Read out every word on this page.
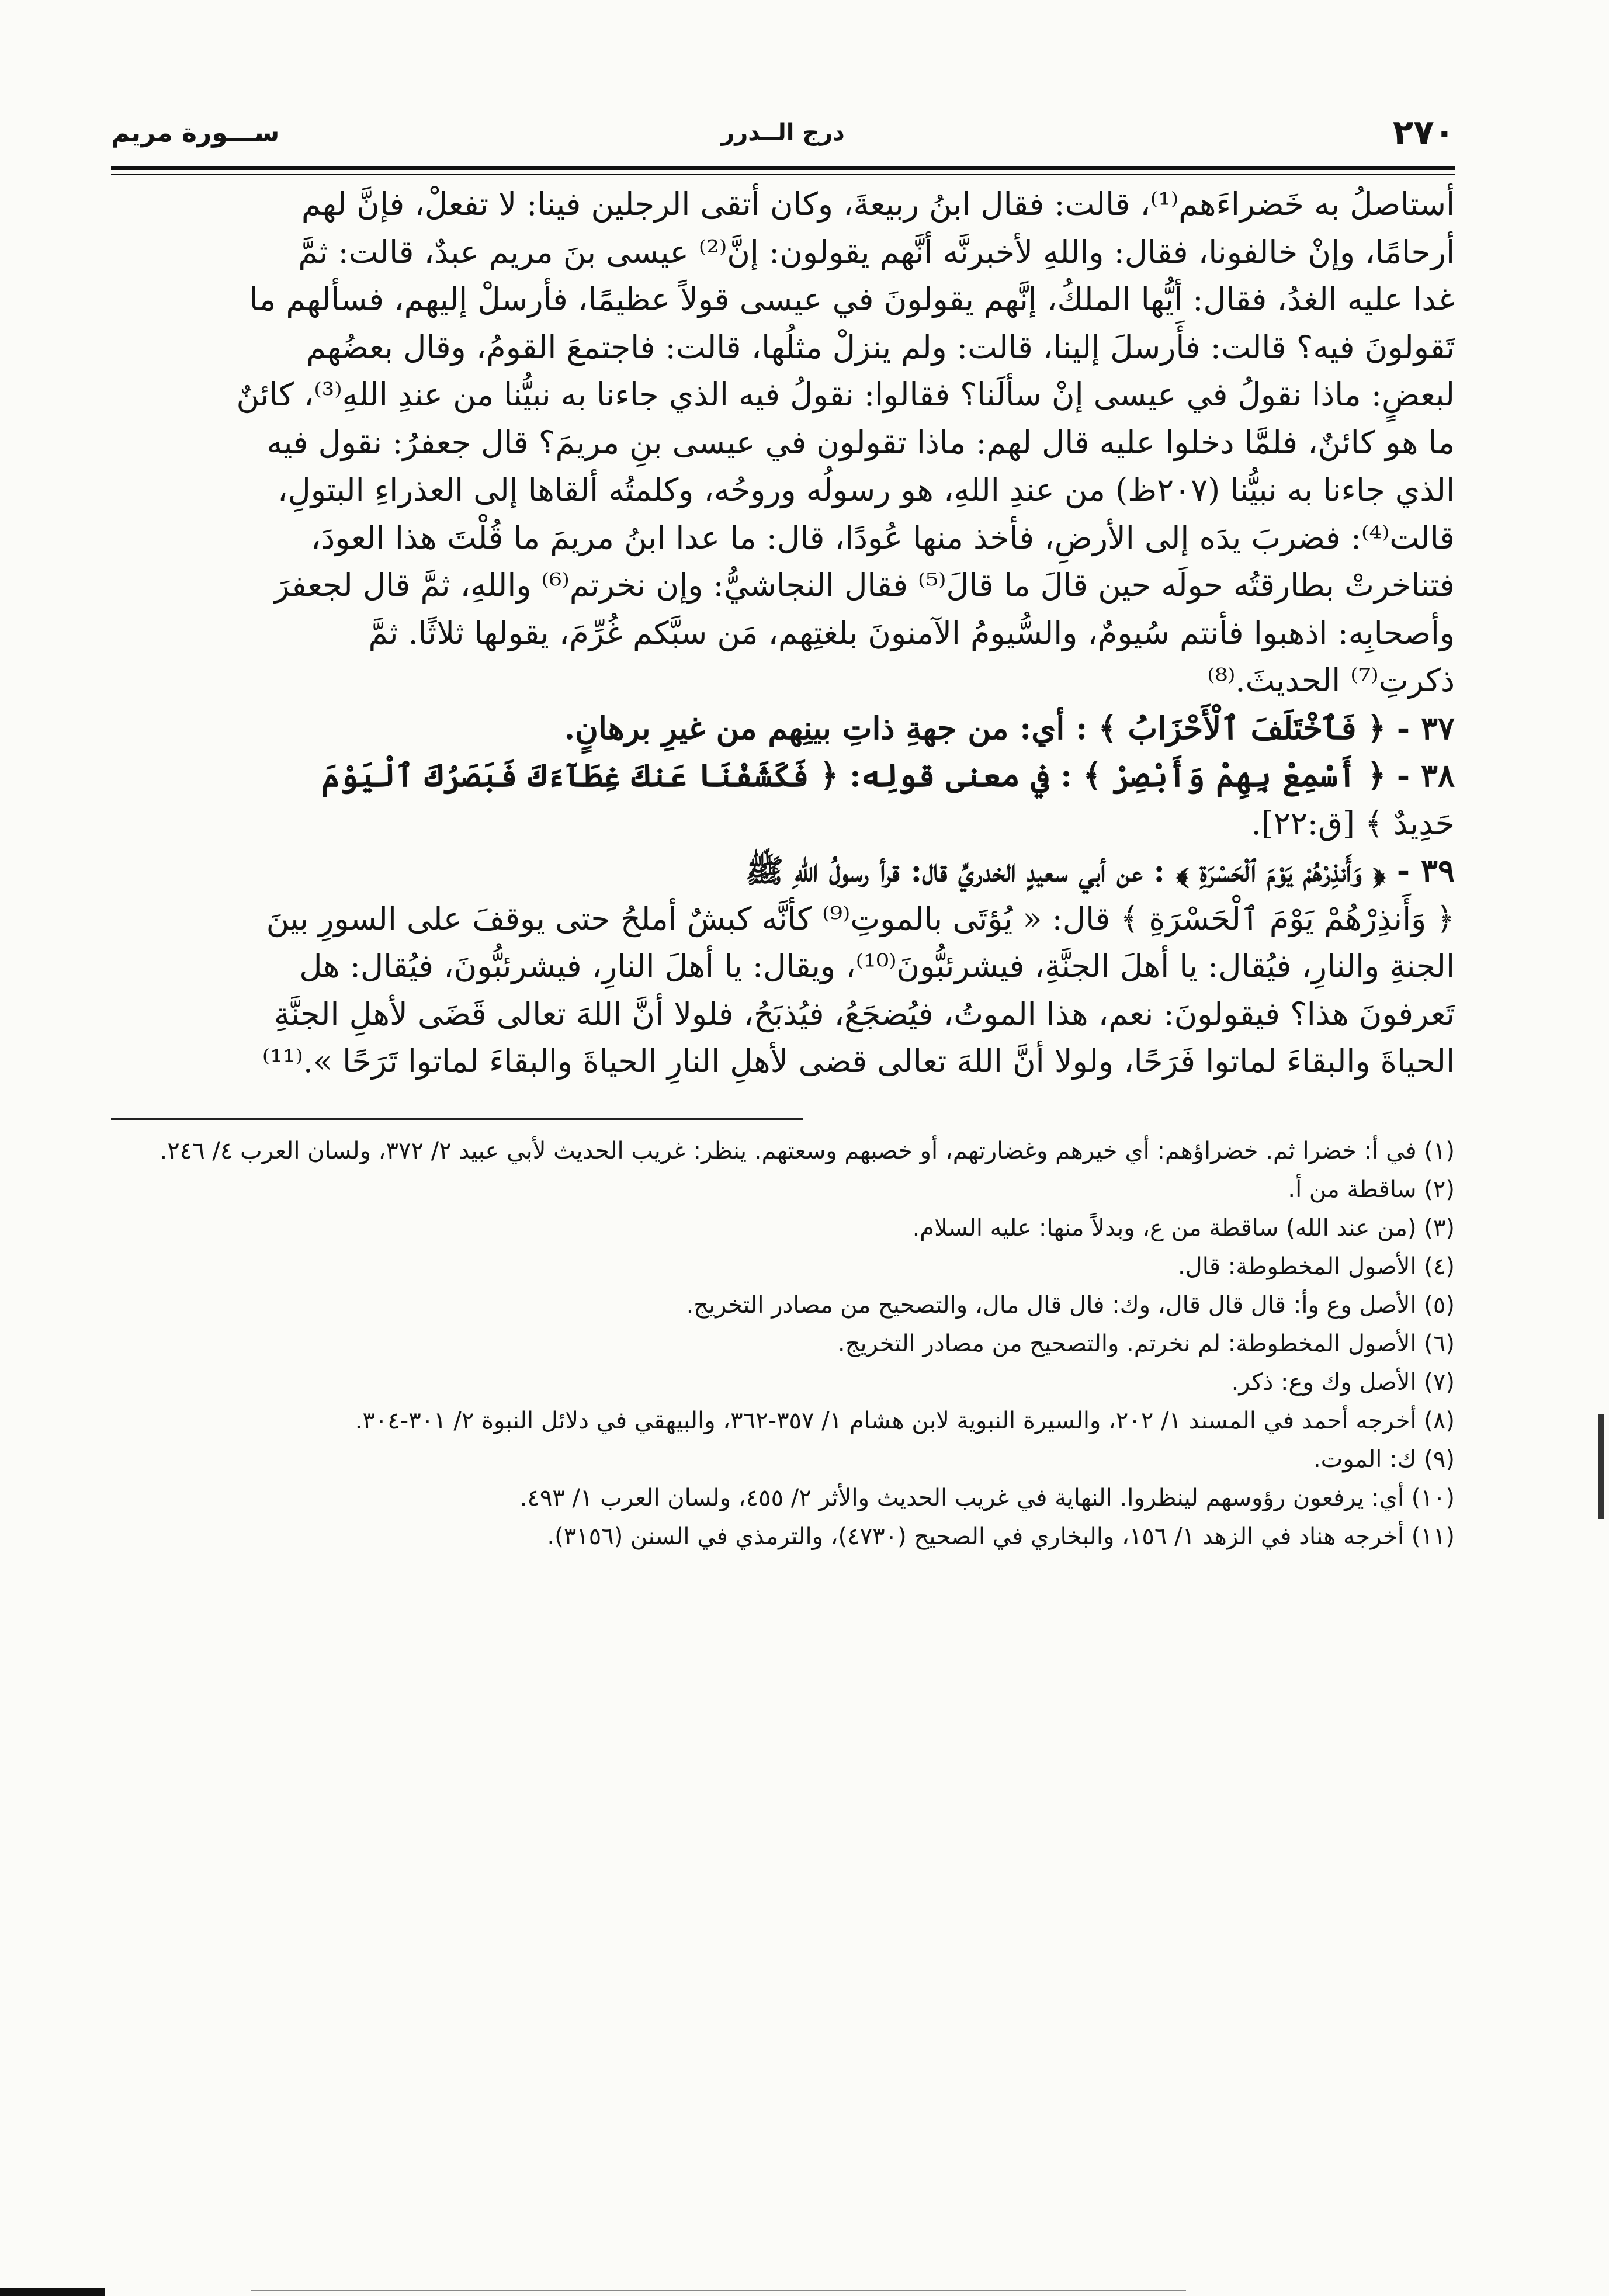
٢٧٠
درج الــدرر
ســـورة مريم

أستاصلُ به خَضراءَهم⁽¹⁾، قالت: فقال ابنُ ربيعةَ، وكان أتقى الرجلين فينا: لا تفعلْ، فإنَّ لهم

أرحامًا، وإنْ خالفونا، فقال: واللهِ لأخبرنَّه أنَّهم يقولون: إنَّ⁽²⁾ عيسى بنَ مريم عبدٌ، قالت: ثمَّ

غدا عليه الغدُ، فقال: أيُّها الملكُ، إنَّهم يقولونَ في عيسى قولاً عظيمًا، فأرسلْ إليهم، فسألهم ما

تَقولونَ فيه؟ قالت: فأَرسلَ إلينا، قالت: ولم ينزلْ مثلُها، قالت: فاجتمعَ القومُ، وقال بعضُهم

لبعضٍ: ماذا نقولُ في عيسى إنْ سألَنا؟ فقالوا: نقولُ فيه الذي جاءنا به نبيُّنا من عندِ اللهِ⁽³⁾، كائنٌ

ما هو كائنٌ، فلمَّا دخلوا عليه قال لهم: ماذا تقولون في عيسى بنِ مريمَ؟ قال جعفرُ: نقول فيه

الذي جاءنا به نبيُّنا (٢٠٧ظ) من عندِ اللهِ، هو رسولُه وروحُه، وكلمتُه ألقاها إلى العذراءِ البتولِ،

قالت⁽⁴⁾: فضربَ يدَه إلى الأرضِ، فأخذ منها عُودًا، قال: ما عدا ابنُ مريمَ ما قُلْتَ هذا العودَ،

فتناخرتْ بطارقتُه حولَه حين قالَ ما قالَ⁽⁵⁾ فقال النجاشيُّ: وإن نخرتم⁽⁶⁾ واللهِ، ثمَّ قال لجعفرَ

وأصحابِه: اذهبوا فأنتم سُيومٌ، والسُّيومُ الآمنونَ بلغتِهم، مَن سبَّكم غُرِّمَ، يقولها ثلاثًا. ثمَّ

ذكرتِ⁽⁷⁾ الحديثَ.⁽⁸⁾

٣٧ - ﴿ فَٱخْتَلَفَ ٱلْأَحْزَابُ ﴾ : أي: من جهةِ ذاتِ بينِهم من غيرِ برهانٍ.

٣٨ - ﴿ أَسْمِعْ بِهِمْ وَأَبْصِرْ ﴾ : في معنى قولِه: ﴿ فَكَشَفْنَا عَنكَ غِطَآءَكَ فَبَصَرُكَ ٱلْيَوْمَ

حَدِيدٌ ﴾ [ق:٢٢].

٣٩ - ﴿ وَأَنذِرْهُمْ يَوْمَ ٱلْحَسْرَةِ ﴾ : عن أبي سعيدٍ الخدريِّ قال: قرأ رسولُ اللهِ ﷺ

﴿ وَأَنذِرْهُمْ يَوْمَ ٱلْحَسْرَةِ ﴾ قال: « يُؤتَى بالموتِ⁽⁹⁾ كأنَّه كبشٌ أملحُ حتى يوقفَ على السورِ بينَ

الجنةِ والنارِ، فيُقال: يا أهلَ الجنَّةِ، فيشرئبُّونَ⁽¹⁰⁾، ويقال: يا أهلَ النارِ، فيشرئبُّونَ، فيُقال: هل

تَعرفونَ هذا؟ فيقولونَ: نعم، هذا الموتُ، فيُضجَعُ، فيُذبَحُ، فلولا أنَّ اللهَ تعالى قَضَى لأهلِ الجنَّةِ

الحياةَ والبقاءَ لماتوا فَرَحًا، ولولا أنَّ اللهَ تعالى قضى لأهلِ النارِ الحياةَ والبقاءَ لماتوا تَرَحًا ».⁽¹¹⁾

(١) في أ: خضرا ثم. خضراؤهم: أي خيرهم وغضارتهم، أو خصبهم وسعتهم. ينظر: غريب الحديث لأبي عبيد ٢/ ٣٧٢، ولسان العرب ٤/ ٢٤٦.

(٢) ساقطة من أ.

(٣) (من عند الله) ساقطة من ع، وبدلاً منها: عليه السلام.

(٤) الأصول المخطوطة: قال.

(٥) الأصل وع وأ: قال قال قال، وك: فال قال مال، والتصحيح من مصادر التخريج.

(٦) الأصول المخطوطة: لم نخرتم. والتصحيح من مصادر التخريج.

(٧) الأصل وك وع: ذكر.

(٨) أخرجه أحمد في المسند ١/ ٢٠٢، والسيرة النبوية لابن هشام ١/ ٣٥٧-٣٦٢، والبيهقي في دلائل النبوة ٢/ ٣٠١-٣٠٤.

(٩) ك: الموت.

(١٠) أي: يرفعون رؤوسهم لينظروا. النهاية في غريب الحديث والأثر ٢/ ٤٥٥، ولسان العرب ١/ ٤٩٣.

(١١) أخرجه هناد في الزهد ١/ ١٥٦، والبخاري في الصحيح (٤٧٣٠)، والترمذي في السنن (٣١٥٦).
